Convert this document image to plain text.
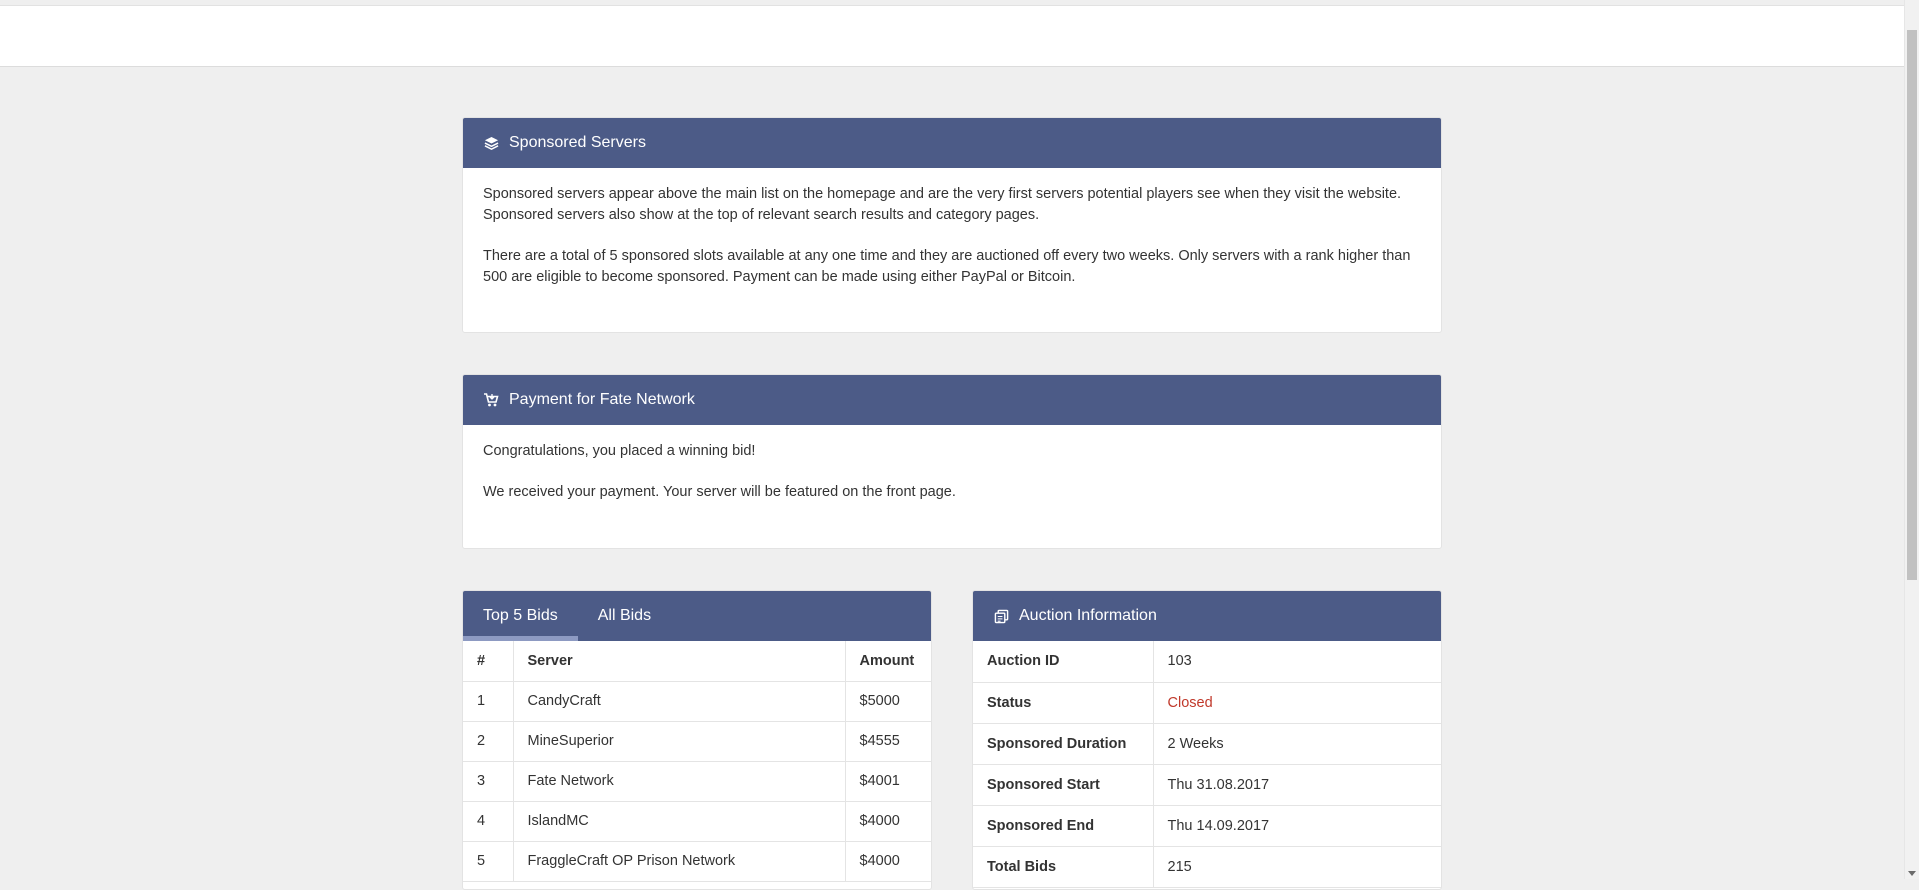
Sponsored Servers

Sponsored servers appear above the main list on the homepage and are the very first servers potential players see when they visit the website. Sponsored servers also show at the top of relevant search results and category pages.

There are a total of 5 sponsored slots available at any one time and they are auctioned off every two weeks. Only servers with a rank higher than 500 are eligible to become sponsored. Payment can be made using either PayPal or Bitcoin.

Payment for Fate Network

Congratulations, you placed a winning bid!

We received your payment. Your server will be featured on the front page.

Top 5 Bids	All Bids
#	Server	Amount
1	CandyCraft	$5000
2	MineSuperior	$4555
3	Fate Network	$4001
4	IslandMC	$4000
5	FraggleCraft OP Prison Network	$4000
Auction Information
Auction ID	103
Status	Closed
Sponsored Duration	2 Weeks
Sponsored Start	Thu 31.08.2017
Sponsored End	Thu 14.09.2017
Total Bids	215
